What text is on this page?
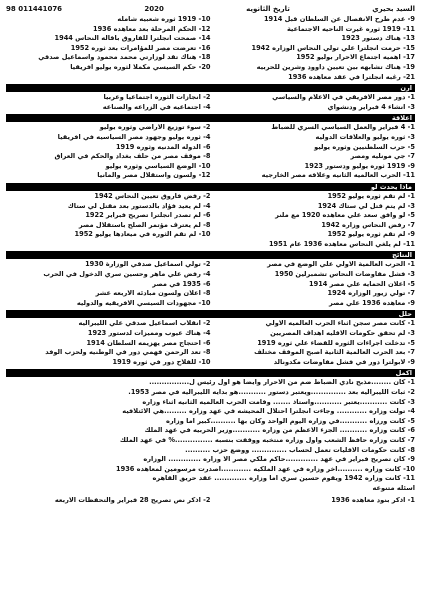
السيد بحيري
تاريخ الثانويه
2020
011441076 98
9- عدم طرح الانفصال عن السلطان قبل 1914
11- 1919 ثوره غيرت الناحيه الاجتماعية
13- هناك دستور 1923
15- حرمت انجلترا علي تولي النحاس الوزاره 1942
17- اهميه اجتماع الاحرار بوليو 1952
19- هناك تشابهه بين تعيين داوود وشرين للحربيه
21- رغبه انجلترا في عقد معاهده 1936
10- 1919 ثوره شعبيه شامله
12- الحكم المرحلة بعد معاهده 1936
14- صمحت انجلترا للفاروق باقاله النحاس 1944
16- تعرضت مصر للمؤامرات بعد ثوره 1952
18- هناك تقد لوزارتي محمد محمود واسماعيل صدقي
20- حكم السيسي مكملا لثوره يوليو افريقيا
ارن
1- دور مصر الافريقي في الاعلام والسياسي
3- انشاء 4 فبراير ودنشواي
2- انجازات الثوره اجتماعيا وعربيا
4- اجتماعيه في الزراعه والصناعه
اعلاقة
1- 4 فبراير والعمل السياسي السري للضباط
3- ثوره يوليو والعلاقات الدوليه
5- حرب السلطنيين وثوره يوليو
7- جي مونليه ومصر
9- 1919 ثوره يوليو ودستور 1923
11- الحرب العالميه الثانيه وعلاقه مصر الخارجيه
2- سوء توزيع الاراضي وثوره يوليو
4- ثوره يوليو وجهود مصر السياسيه في افريقيا
6- الدوله المدنيه وثوره 1919
8- موقف مصر من حلف بغداد والحكم في العراق
10- الوضع السياسي وثوره يوليو
12- ولسون واستقلال مصر والمانيا
ماذا يحدث لو
1- لم تقم ثوره يوليو 1952
3- لم يتم قتل لي ستاك 1924
5- لو وافق سعد علي معاهده 1920 مع ملنر
7- رفض النحاس وزاره 1942
9- لم تقم ثوره يوليو 1952
11- لم يلغي النحاس معاهده 1936 عام 1951
2- رفض فاروق تعيين النحاس 1942
4- لم يعيد فؤاد بالدستور بعد مقتل لي ستاك
6- لم تصدر انجلترا تصريح فبراير 1922
8- لم يعترف مؤتمر الصلح باستقلال مصر
10- لم تقم الثوره في ميعادها يوليو 1952
النتائج
1- الحرب العالمية الاولي علي الوضع في مصر
3- فشل مفاوضات النحاس تشمبرلين 1950
5- اعلان الحمايه علي مصر 1914
7- تولي زيور الوزاره 1924
9- معاهده 1936 علي مصر
2- تولي اسماعيل صدقي الوزارة 1930
4- رفض علي ماهر وحسين سري الدخول في الحرب
6- 1935 في مصر
8- اعلان ولسون مبادئه الاربعه عشر
10- مجهودات السيسي الافريقيه والدوليه
حلل
1- كانت مصر سجن اثناء الحرب العالميه الاولي
3- لم تحقق حكومات الاقليه اهداف المصريين
5- تدخلت اجراءات الثوره للقضاء علي ثوره 1919
7- بعد الحرب العالمية الثانية اصبح الموقف مختلف
9- لابولترا دور في فشل مفاوضات مكدونالد
2- انقلاب اسماعيل صدقي علي الليبراليه
4- هناك عيوب ومميزات لدستور 1923
6- احتجاج مصر يهزيمه السلطان 1914
8- تعد الرحمن فهمي دور في الوطنيه ولحزب الوفد
10- للفلاح دور في ثوره 1919
اكمل
1- كان ........مذبح نادي الضباط ضم من الاحرار وايضا هو اول رئيس ل................
2- ثبات الليبراليه بعد ..............ويعتبر دستور ...........هو بدايه الليبراليه في مصر 1953.
3- كانت ...........يعتبر ...........واستاذ ....... وقامت الحرب العالميه الثانيه اثناء وزاره
4- تولت وزاره ............ وجاءت انجلترا احتلال المحيشه في عهد وزاره .........هي الائتلافيه
5- كانت ورزاه ...........في وزاره اليوم الواحد وكان بها ..........كبير اما وزاره
6- كانت وزاره ........... الجزء الاعظم من وزاره ...........وزير الحربيه في عهد الملك
7- كانت وزاره حافظ الشعب واول وزاره منتخبه ووقفت بنسبه ...............% في عهد الملك
8- كانت حكومات الاقليات تعمل لحساب .............. ووضع حزب ..........
9- كان تصريح فبراير في عهد .............حاكم ملكي مصر الا وزاره ............. الوزاره
10- كانت وزاره ..........اخر وزاره في عهد الملكيه ............اصدرت مرسومين لمعاهده 1936
11- كانت وزاره 1942 ويقوم حسين سري اما وزاره ............. عقد حريق القاهره
اسئله متنوعه
1- اذكر بنود معاهده 1936
2- اذكر نص تصريح 28 فبراير والتحفظات الاربعه
